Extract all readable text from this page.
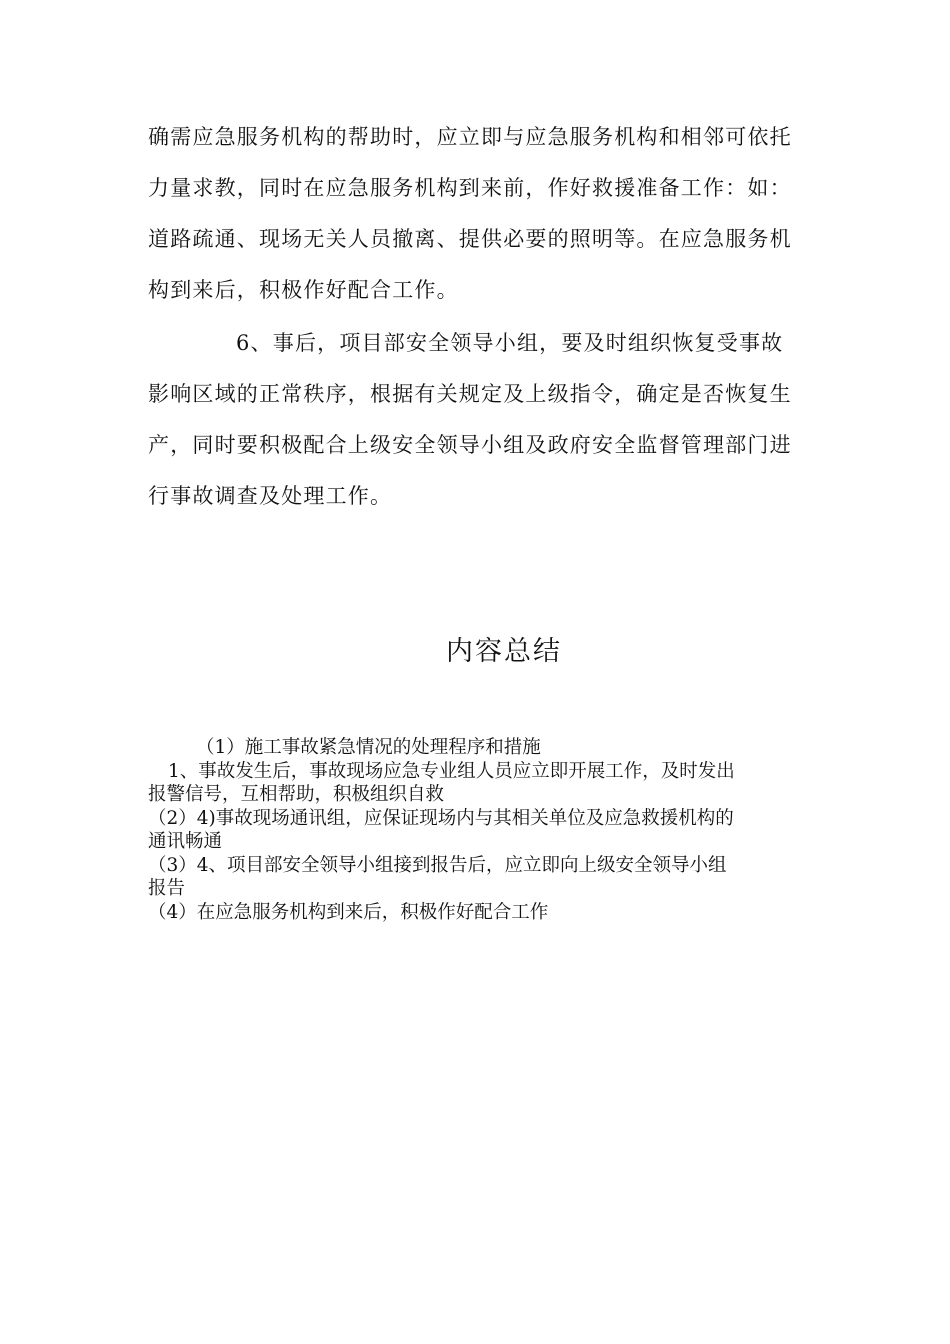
确需应急服务机构的帮助时，应立即与应急服务机构和相邻可依托
力量求教，同时在应急服务机构到来前，作好救援准备工作：如：
道路疏通、现场无关人员撤离、提供必要的照明等。在应急服务机
构到来后，积极作好配合工作。
6、事后，项目部安全领导小组，要及时组织恢复受事故
影响区域的正常秩序，根据有关规定及上级指令，确定是否恢复生
产，同时要积极配合上级安全领导小组及政府安全监督管理部门进
行事故调查及处理工作。
内容总结
（1）施工事故紧急情况的处理程序和措施
1、事故发生后，事故现场应急专业组人员应立即开展工作，及时发出
报警信号，互相帮助，积极组织自救
（2）4)事故现场通讯组，应保证现场内与其相关单位及应急救援机构的
通讯畅通
（3）4、项目部安全领导小组接到报告后，应立即向上级安全领导小组
报告
（4）在应急服务机构到来后，积极作好配合工作
